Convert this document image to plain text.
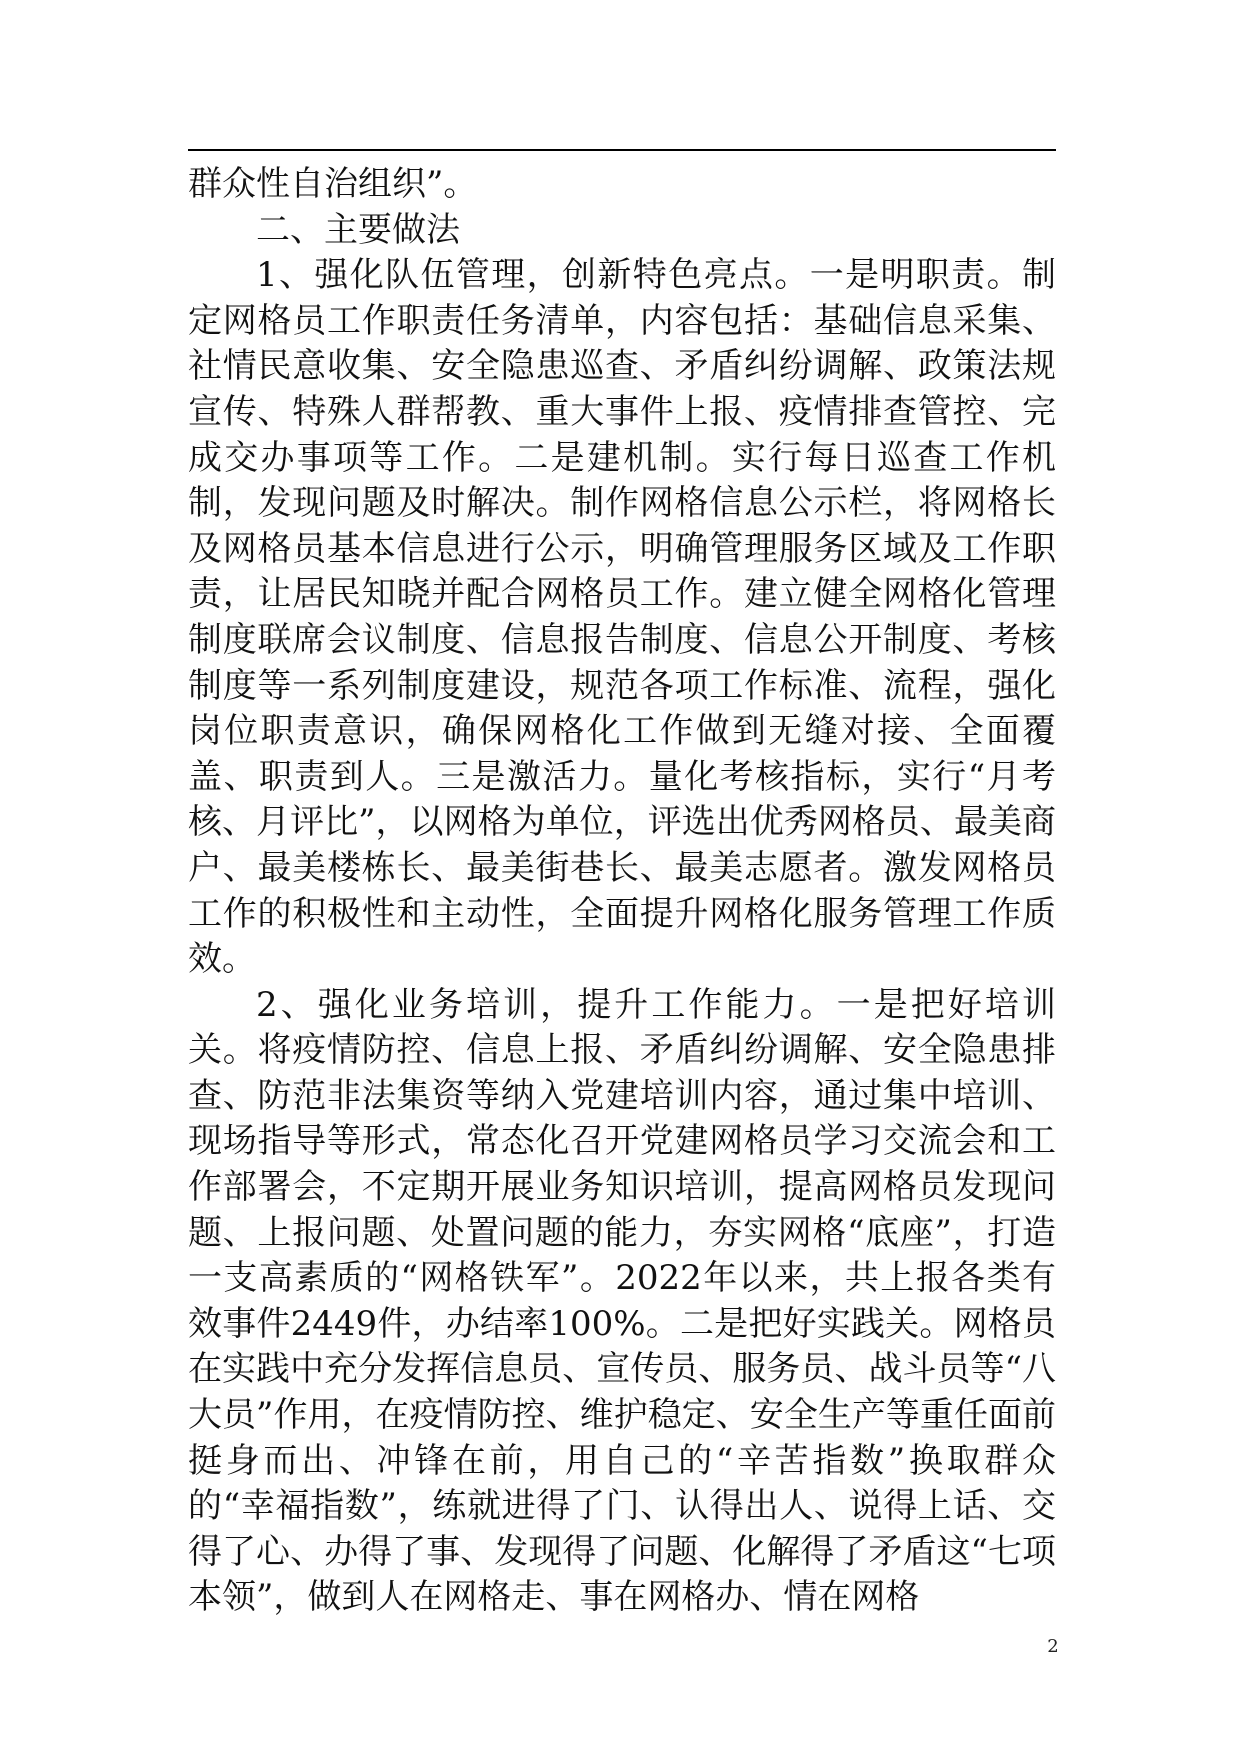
群众性自治组织”。

二、主要做法

1、强化队伍管理，创新特色亮点。一是明职责。制定网格员工作职责任务清单，内容包括：基础信息采集、社情民意收集、安全隐患巡查、矛盾纠纷调解、政策法规宣传、特殊人群帮教、重大事件上报、疫情排查管控、完成交办事项等工作。二是建机制。实行每日巡查工作机制，发现问题及时解决。制作网格信息公示栏，将网格长及网格员基本信息进行公示，明确管理服务区域及工作职责，让居民知晓并配合网格员工作。建立健全网格化管理制度联席会议制度、信息报告制度、信息公开制度、考核制度等一系列制度建设，规范各项工作标准、流程，强化岗位职责意识，确保网格化工作做到无缝对接、全面覆盖、职责到人。三是激活力。量化考核指标，实行“月考核、月评比”，以网格为单位，评选出优秀网格员、最美商户、最美楼栋长、最美街巷长、最美志愿者。激发网格员工作的积极性和主动性，全面提升网格化服务管理工作质效。

2、强化业务培训，提升工作能力。一是把好培训关。将疫情防控、信息上报、矛盾纠纷调解、安全隐患排查、防范非法集资等纳入党建培训内容，通过集中培训、现场指导等形式，常态化召开党建网格员学习交流会和工作部署会，不定期开展业务知识培训，提高网格员发现问题、上报问题、处置问题的能力，夯实网格“底座”，打造一支高素质的“网格铁军”。2022年以来，共上报各类有效事件2449件，办结率100%。二是把好实践关。网格员在实践中充分发挥信息员、宣传员、服务员、战斗员等“八大员”作用，在疫情防控、维护稳定、安全生产等重任面前挺身而出、冲锋在前，用自己的“辛苦指数”换取群众的“幸福指数”，练就进得了门、认得出人、说得上话、交得了心、办得了事、发现得了问题、化解得了矛盾这“七项本领”，做到人在网格走、事在网格办、情在网格

2
